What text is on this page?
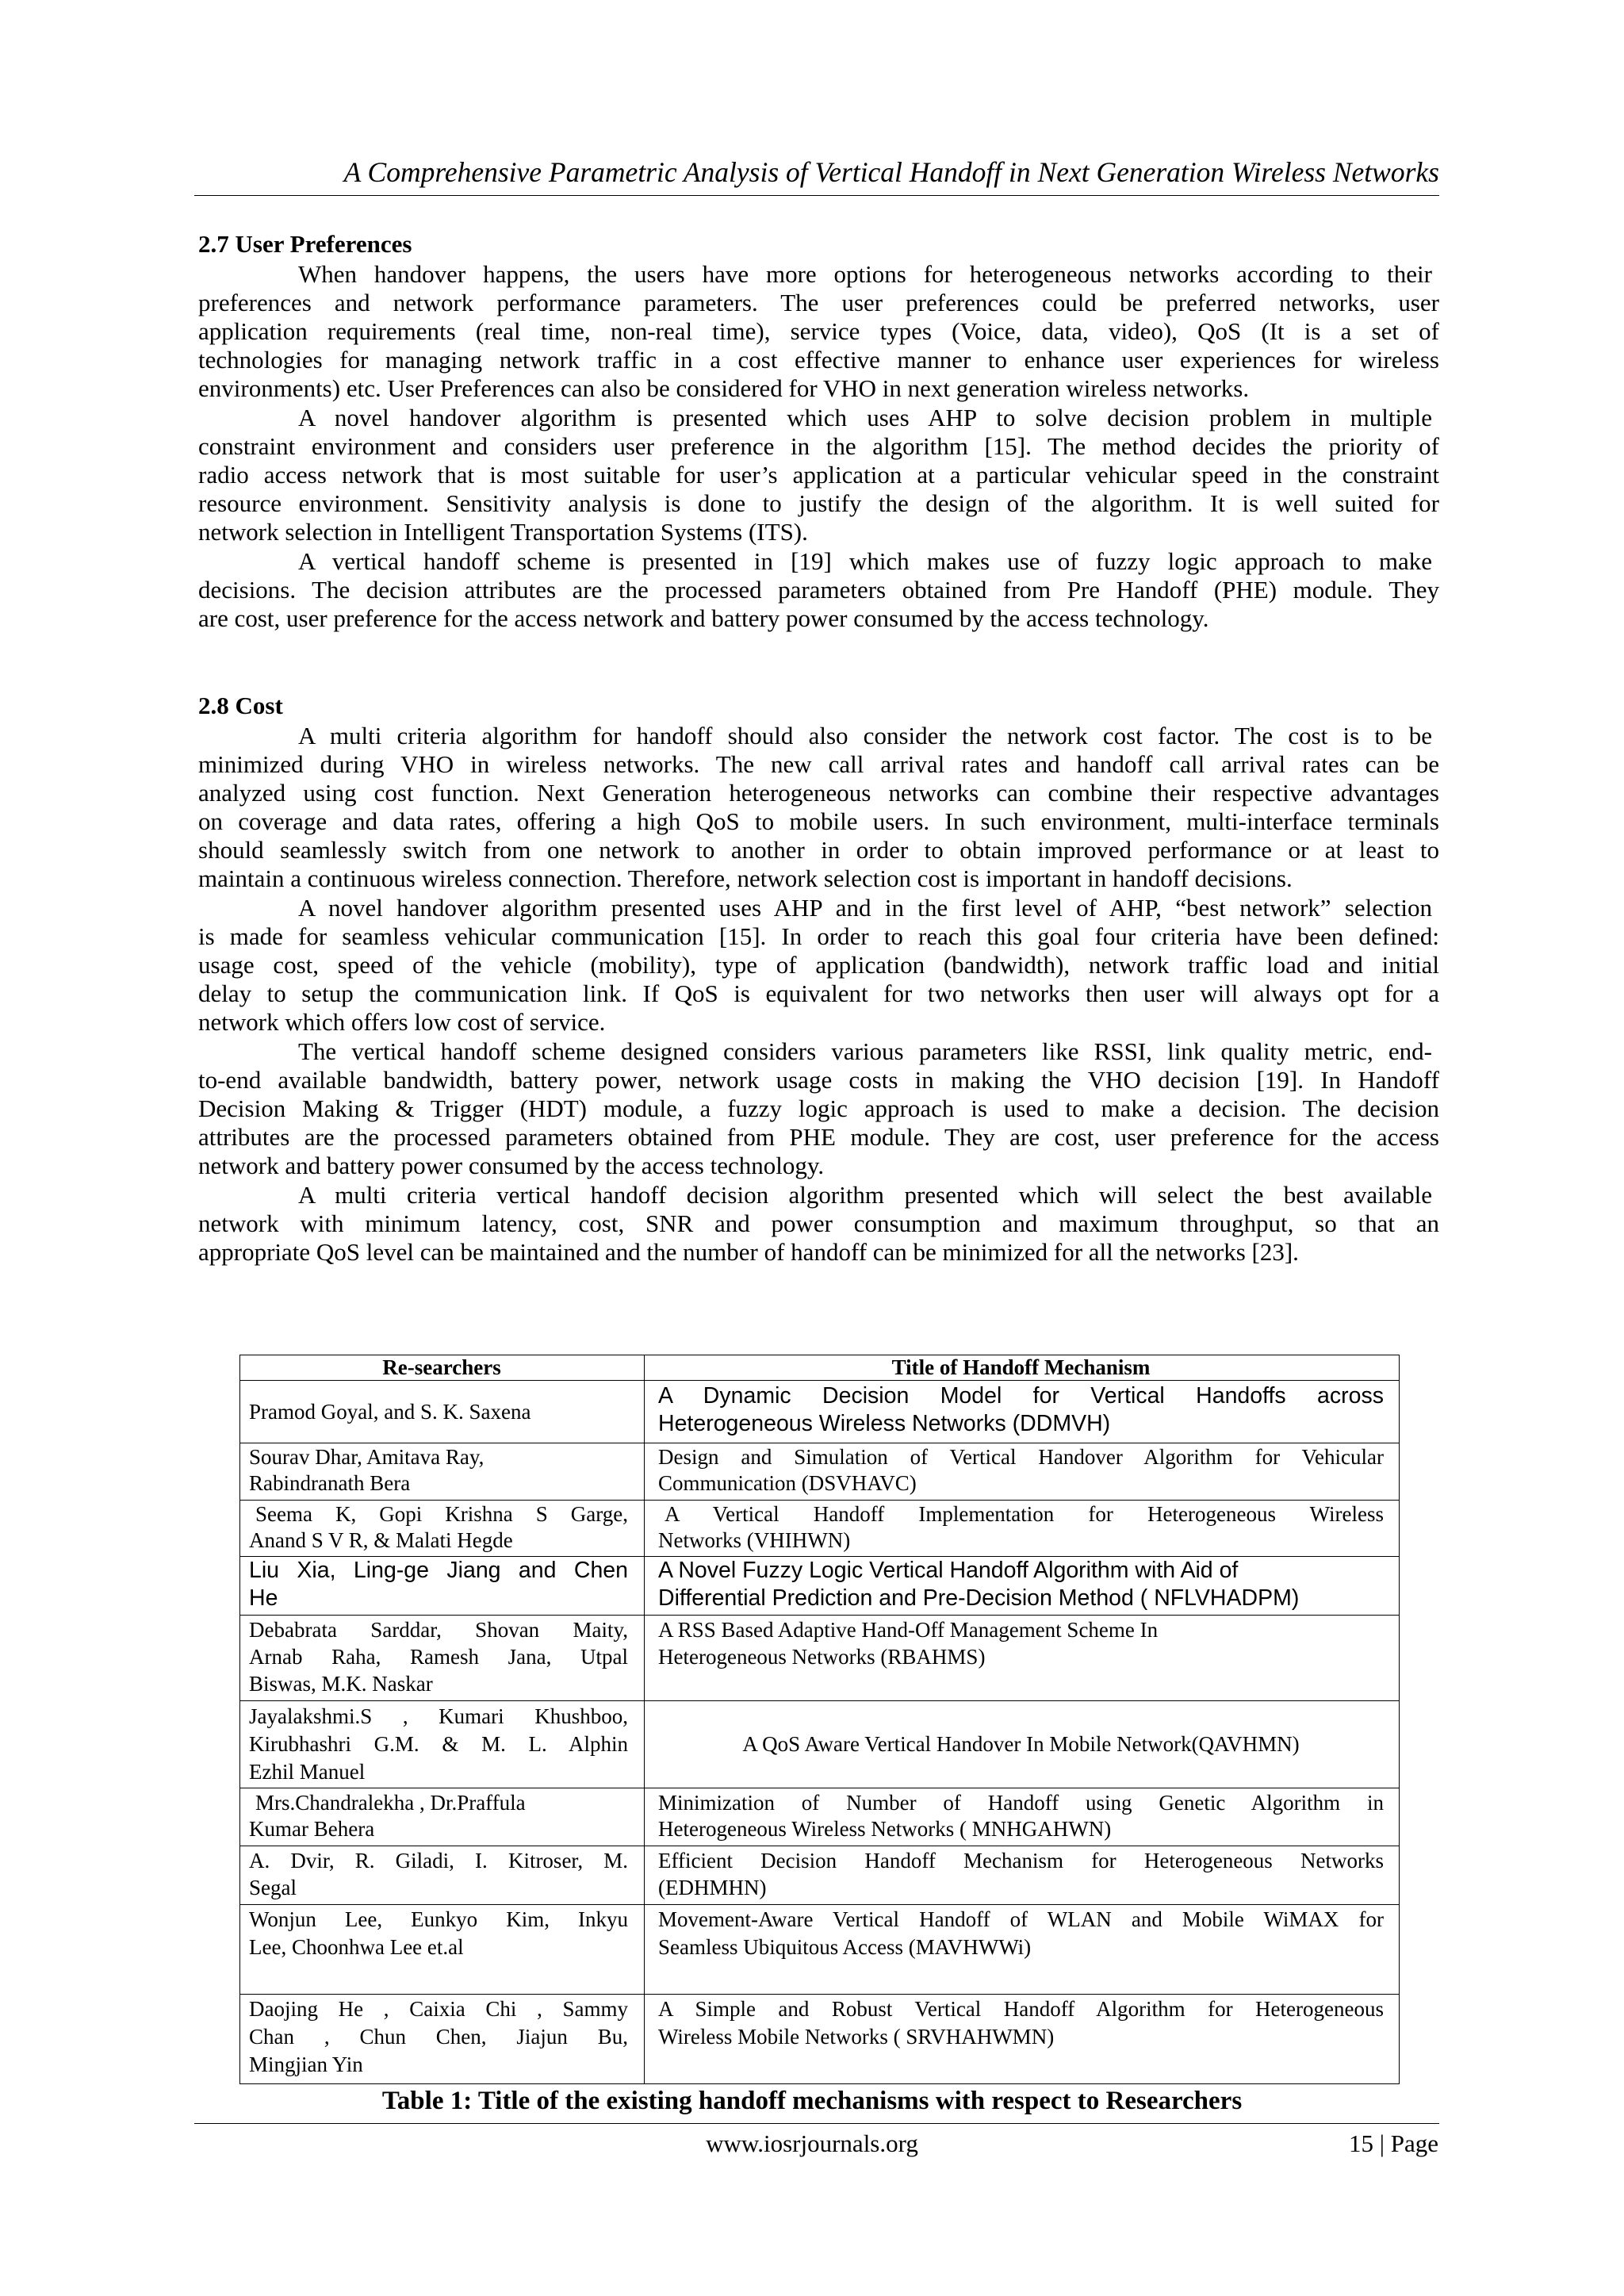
A Comprehensive Parametric Analysis of Vertical Handoff in Next Generation Wireless Networks
2.7 User Preferences
When handover happens, the users have more options for heterogeneous networks according to their
preferences and network performance parameters. The user preferences could be preferred networks, user
application requirements (real time, non-real time), service types (Voice, data, video), QoS (It is a set of
technologies for managing network traffic in a cost effective manner to enhance user experiences for wireless
environments) etc. User Preferences can also be considered for VHO in next generation wireless networks.
A novel handover algorithm is presented which uses AHP to solve decision problem in multiple
constraint environment and considers user preference in the algorithm [15]. The method decides the priority of
radio access network that is most suitable for user’s application at a particular vehicular speed in the constraint
resource environment. Sensitivity analysis is done to justify the design of the algorithm. It is well suited for
network selection in Intelligent Transportation Systems (ITS).
A vertical handoff scheme is presented in [19] which makes use of fuzzy logic approach to make
decisions. The decision attributes are the processed parameters obtained from Pre Handoff (PHE) module. They
are cost, user preference for the access network and battery power consumed by the access technology.
2.8 Cost
A multi criteria algorithm for handoff should also consider the network cost factor. The cost is to be
minimized during VHO in wireless networks. The new call arrival rates and handoff call arrival rates can be
analyzed using cost function. Next Generation heterogeneous networks can combine their respective advantages
on coverage and data rates, offering a high QoS to mobile users. In such environment, multi-interface terminals
should seamlessly switch from one network to another in order to obtain improved performance or at least to
maintain a continuous wireless connection. Therefore, network selection cost is important in handoff decisions.
A novel handover algorithm presented uses AHP and in the first level of AHP, “best network” selection
is made for seamless vehicular communication [15]. In order to reach this goal four criteria have been defined:
usage cost, speed of the vehicle (mobility), type of application (bandwidth), network traffic load and initial
delay to setup the communication link. If QoS is equivalent for two networks then user will always opt for a
network which offers low cost of service.
The vertical handoff scheme designed considers various parameters like RSSI, link quality metric, end-
to-end available bandwidth, battery power, network usage costs in making the VHO decision [19]. In Handoff
Decision Making & Trigger (HDT) module, a fuzzy logic approach is used to make a decision. The decision
attributes are the processed parameters obtained from PHE module. They are cost, user preference for the access
network and battery power consumed by the access technology.
A multi criteria vertical handoff decision algorithm presented which will select the best available
network with minimum latency, cost, SNR and power consumption and maximum throughput, so that an
appropriate QoS level can be maintained and the number of handoff can be minimized for all the networks [23].
Re-searchers	Title of Handoff Mechanism
Pramod Goyal, and S. K. Saxena
A Dynamic Decision Model for Vertical Handoffs across
Heterogeneous Wireless Networks (DDMVH)
Sourav Dhar, Amitava Ray,
Rabindranath Bera
Design and Simulation of Vertical Handover Algorithm for Vehicular
Communication (DSVHAVC)
Seema K, Gopi Krishna S Garge,
Anand S V R, & Malati Hegde
A Vertical Handoff Implementation for Heterogeneous Wireless
Networks (VHIHWN)
Liu Xia, Ling-ge Jiang and Chen
He
A Novel Fuzzy Logic Vertical Handoff Algorithm with Aid of
Differential Prediction and Pre-Decision Method ( NFLVHADPM)
Debabrata Sarddar, Shovan Maity,
Arnab Raha, Ramesh Jana, Utpal
Biswas, M.K. Naskar
A RSS Based Adaptive Hand-Off Management Scheme In
Heterogeneous Networks (RBAHMS)
Jayalakshmi.S , Kumari Khushboo,
Kirubhashri G.M. & M. L. Alphin
Ezhil Manuel
A QoS Aware Vertical Handover In Mobile Network(QAVHMN)
Mrs.Chandralekha , Dr.Praffula
Kumar Behera
Minimization of Number of Handoff using Genetic Algorithm in
Heterogeneous Wireless Networks ( MNHGAHWN)
A. Dvir, R. Giladi, I. Kitroser, M.
Segal
Efficient Decision Handoff Mechanism for Heterogeneous Networks
(EDHMHN)
Wonjun Lee, Eunkyo Kim, Inkyu
Lee, Choonhwa Lee et.al
Movement-Aware Vertical Handoff of WLAN and Mobile WiMAX for
Seamless Ubiquitous Access (MAVHWWi)
Daojing He , Caixia Chi , Sammy
Chan , Chun Chen, Jiajun Bu,
Mingjian Yin
A Simple and Robust Vertical Handoff Algorithm for Heterogeneous
Wireless Mobile Networks ( SRVHAHWMN)
Table 1: Title of the existing handoff mechanisms with respect to Researchers
www.iosrjournals.org	15 | Page
